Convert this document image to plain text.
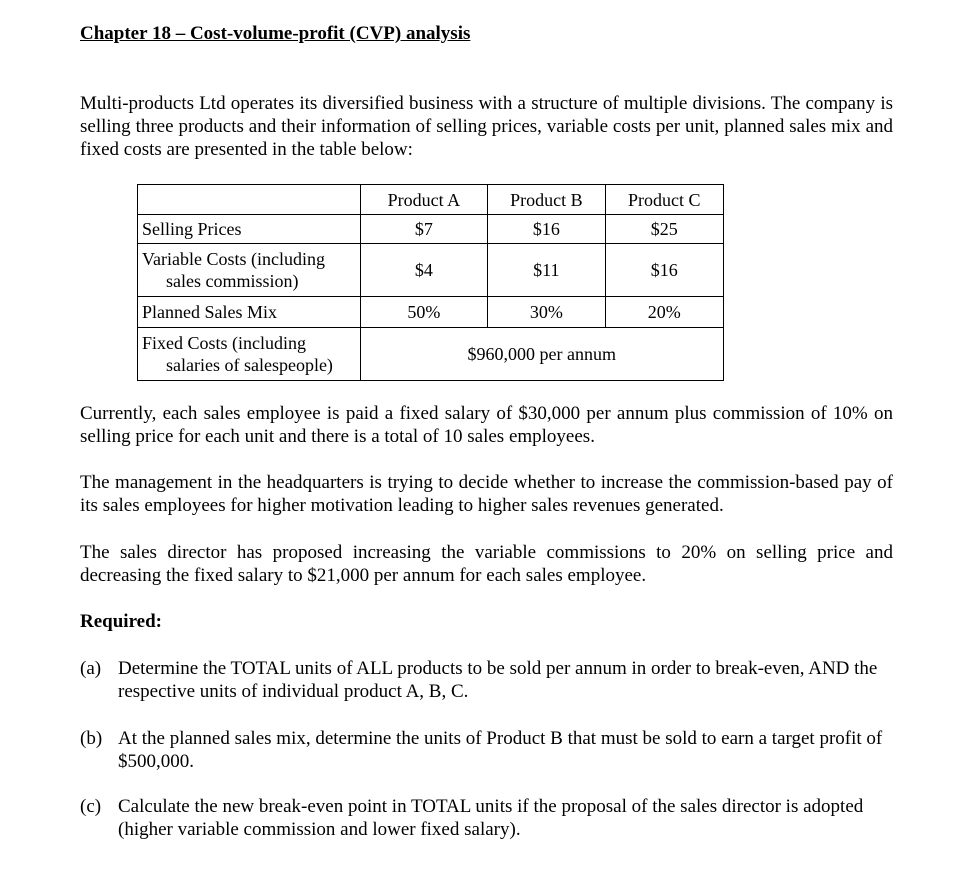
Chapter 18 – Cost-volume-profit (CVP) analysis

Multi-products Ltd operates its diversified business with a structure of multiple divisions. The company is selling three products and their information of selling prices, variable costs per unit, planned sales mix and fixed costs are presented in the table below:

	Product A	Product B	Product C
Selling Prices	$7	$16	$25

Variable Costs (including
sales commission)	$4	$11	$16
Planned Sales Mix	50%	30%	20%

Fixed Costs (including
salaries of salespeople)	$960,000 per annum		

Currently, each sales employee is paid a fixed salary of $30,000 per annum plus commission of 10% on selling price for each unit and there is a total of 10 sales employees.

The management in the headquarters is trying to decide whether to increase the commission-based pay of its sales employees for higher motivation leading to higher sales revenues generated.

The sales director has proposed increasing the variable commissions to 20% on selling price and decreasing the fixed salary to $21,000 per annum for each sales employee.

Required:
(a) Determine the TOTAL units of ALL products to be sold per annum in order to break-even, AND the respective units of individual product A, B, C.
(b) At the planned sales mix, determine the units of Product B that must be sold to earn a target profit of $500,000.
(c) Calculate the new break-even point in TOTAL units if the proposal of the sales director is adopted (higher variable commission and lower fixed salary).
